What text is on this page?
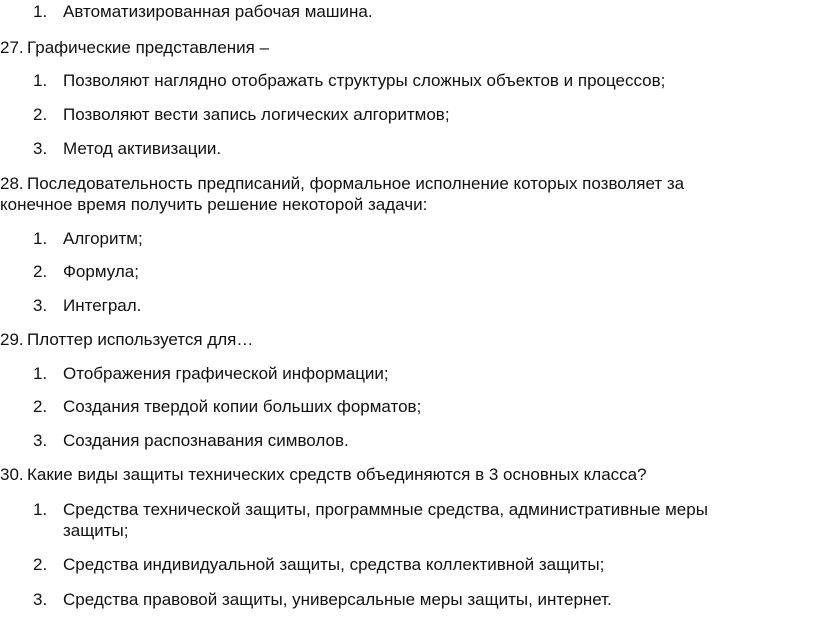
1. Автоматизированная рабочая машина.
27. Графические представления –
1. Позволяют наглядно отображать структуры сложных объектов и процессов;
2. Позволяют вести запись логических алгоритмов;
3. Метод активизации.
28. Последовательность предписаний, формальное исполнение которых позволяет за
конечное время получить решение некоторой задачи:
1. Алгоритм;
2. Формула;
3. Интеграл.
29. Плоттер используется для…
1. Отображения графической информации;
2. Создания твердой копии больших форматов;
3. Создания распознавания символов.
30. Какие виды защиты технических средств объединяются в 3 основных класса?
1. Средства технической защиты, программные средства, административные меры
защиты;
2. Средства индивидуальной защиты, средства коллективной защиты;
3. Средства правовой защиты, универсальные меры защиты, интернет.
